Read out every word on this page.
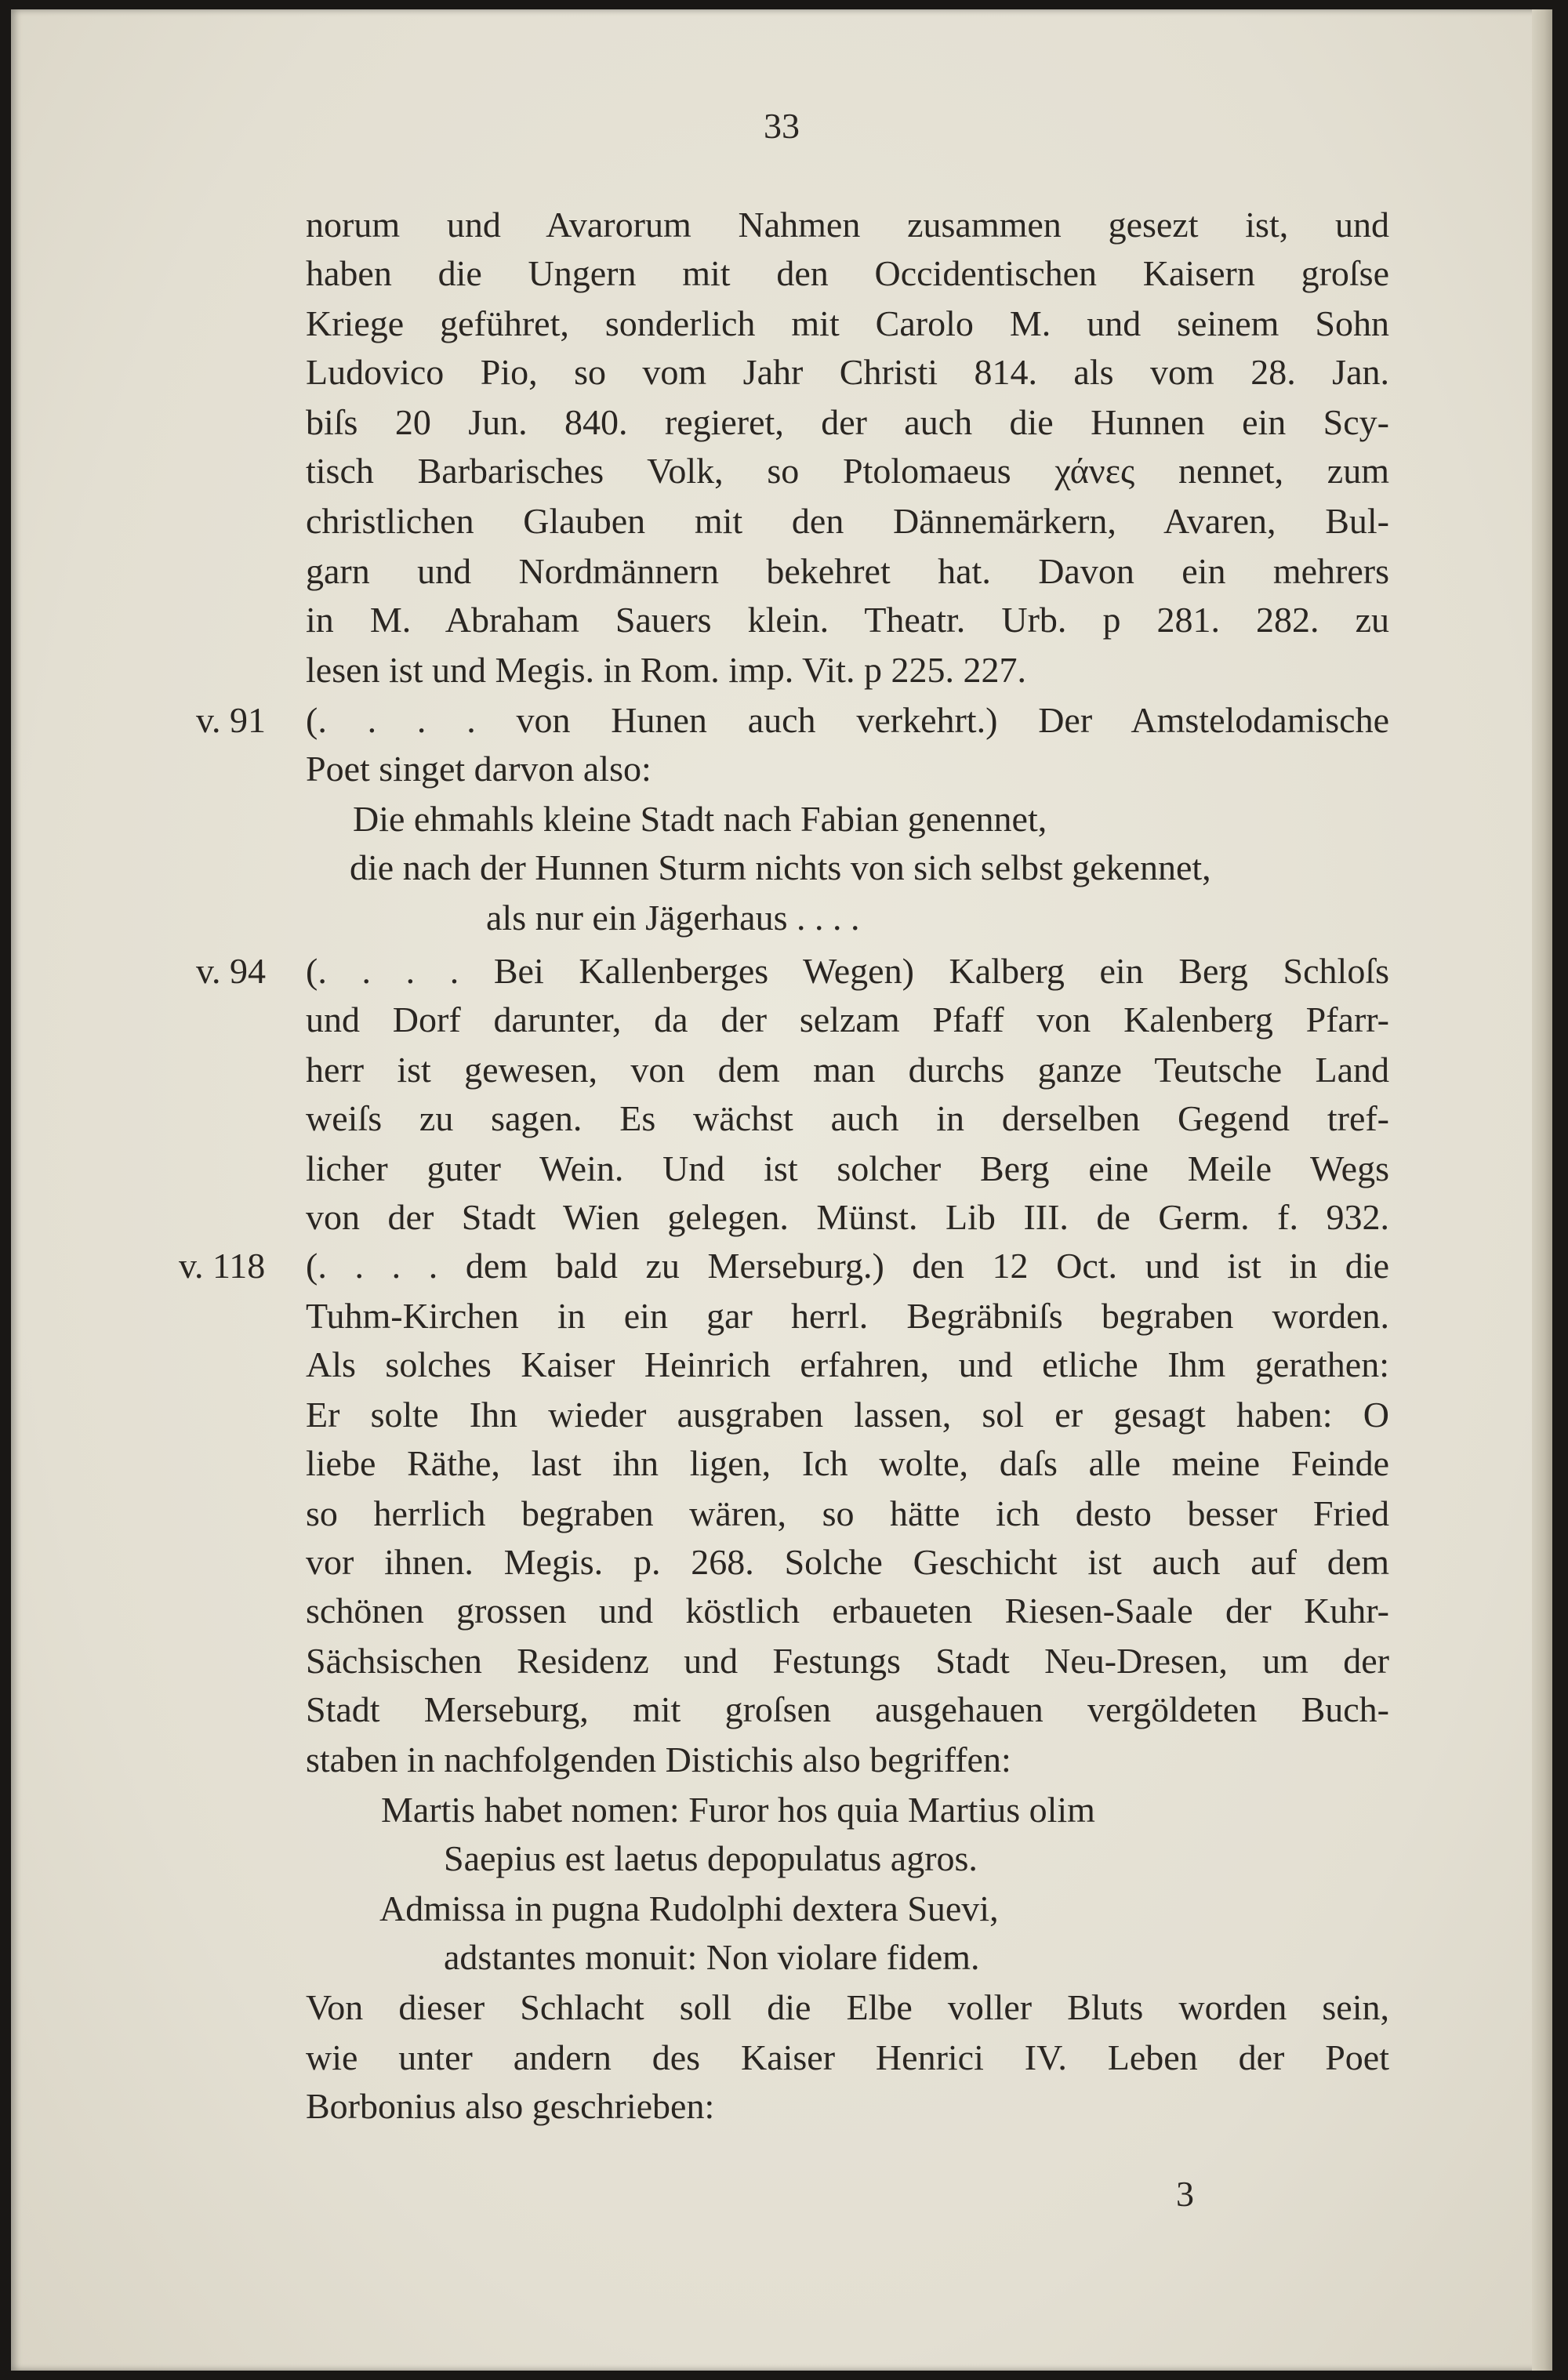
33
v. 91
v. 94
v. 118
norum und Avarorum Nahmen zusammen gesezt ist, und
haben die Ungern mit den Occidentischen Kaisern groſse
Kriege geführet, sonderlich mit Carolo M. und seinem Sohn
Ludovico Pio, so vom Jahr Christi 814. als vom 28. Jan.
biſs 20 Jun. 840. regieret, der auch die Hunnen ein Scy-
tisch Barbarisches Volk, so Ptolomaeus χάνες nennet, zum
christlichen Glauben mit den Dännemärkern, Avaren, Bul-
garn und Nordmännern bekehret hat. Davon ein mehrers
in M. Abraham Sauers klein. Theatr. Urb. p 281. 282. zu
lesen ist und Megis. in Rom. imp. Vit. p 225. 227.
(. . . . von Hunen auch verkehrt.) Der Amstelodamische
Poet singet darvon also:
Die ehmahls kleine Stadt nach Fabian genennet,
die nach der Hunnen Sturm nichts von sich selbst gekennet,
als nur ein Jägerhaus . . . .
(. . . . Bei Kallenberges Wegen) Kalberg ein Berg Schloſs
und Dorf darunter, da der selzam Pfaff von Kalenberg Pfarr-
herr ist gewesen, von dem man durchs ganze Teutsche Land
weiſs zu sagen. Es wächst auch in derselben Gegend tref-
licher guter Wein. Und ist solcher Berg eine Meile Wegs
von der Stadt Wien gelegen. Münst. Lib III. de Germ. f. 932.
(. . . . dem bald zu Merseburg.) den 12 Oct. und ist in die
Tuhm-Kirchen in ein gar herrl. Begräbniſs begraben worden.
Als solches Kaiser Heinrich erfahren, und etliche Ihm gerathen:
Er solte Ihn wieder ausgraben lassen, sol er gesagt haben: O
liebe Räthe, last ihn ligen, Ich wolte, daſs alle meine Feinde
so herrlich begraben wären, so hätte ich desto besser Fried
vor ihnen. Megis. p. 268. Solche Geschicht ist auch auf dem
schönen grossen und köstlich erbaueten Riesen-Saale der Kuhr-
Sächsischen Residenz und Festungs Stadt Neu-Dresen, um der
Stadt Merseburg, mit groſsen ausgehauen vergöldeten Buch-
staben in nachfolgenden Distichis also begriffen:
Martis habet nomen: Furor hos quia Martius olim
Saepius est laetus depopulatus agros.
Admissa in pugna Rudolphi dextera Suevi,
adstantes monuit: Non violare fidem.
Von dieser Schlacht soll die Elbe voller Bluts worden sein,
wie unter andern des Kaiser Henrici IV. Leben der Poet
Borbonius also geschrieben:
3
